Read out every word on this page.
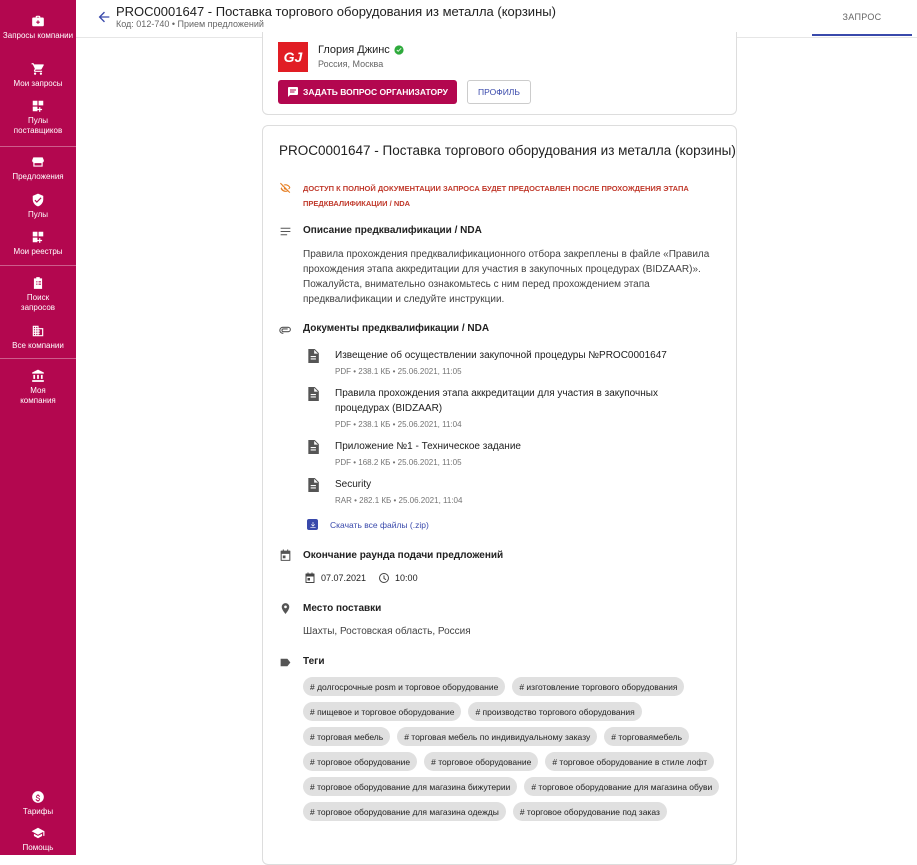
Запросы компании
Мои запросы
Пулы поставщиков
Предложения
Пулы
Мои реестры
Поиск запросов
Все компании
Моя компания
Тарифы
Помощь
PROC0001647 - Поставка торгового оборудования из металла (корзины)
Код: 012-740 • Прием предложений
ЗАПРОС
GJ	Глория Джинс
Россия, Москва
ЗАДАТЬ ВОПРОС ОРГАНИЗАТОРУ	ПРОФИЛЬ
PROC0001647 - Поставка торгового оборудования из металла (корзины)
ДОСТУП К ПОЛНОЙ ДОКУМЕНТАЦИИ ЗАПРОСА БУДЕТ ПРЕДОСТАВЛЕН ПОСЛЕ ПРОХОЖДЕНИЯ ЭТАПА ПРЕДКВАЛИФИКАЦИИ / NDA
Описание предквалификации / NDA
Правила прохождения предквалификационного отбора закреплены в файле «Правила прохождения этапа аккредитации для участия в закупочных процедурах (BIDZAAR)». Пожалуйста, внимательно ознакомьтесь с ним перед прохождением этапа предквалификации и следуйте инструкции.
Документы предквалификации / NDA
Извещение об осуществлении закупочной процедуры №PROC0001647
PDF • 238.1 КБ • 25.06.2021, 11:05
Правила прохождения этапа аккредитации для участия в закупочных процедурах (BIDZAAR)
PDF • 238.1 КБ • 25.06.2021, 11:04
Приложение №1 - Техническое задание
PDF • 168.2 КБ • 25.06.2021, 11:05
Security
RAR • 282.1 КБ • 25.06.2021, 11:04
Скачать все файлы (.zip)
Окончание раунда подачи предложений
07.07.2021	10:00
Место поставки
Шахты, Ростовская область, Россия
Теги
# долгосрочные posm и торговое оборудование	# изготовление торгового оборудования
# пищевое и торговое оборудование	# производство торгового оборудования
# торговая мебель	# торговая мебель по индивидуальному заказу	# торговаямебель
# торговое оборудование	# торговое оборудование	# торговое оборудование в стиле лофт
# торговое оборудование для магазина бижутерии	# торговое оборудование для магазина обуви
# торговое оборудование для магазина одежды	# торговое оборудование под заказ
